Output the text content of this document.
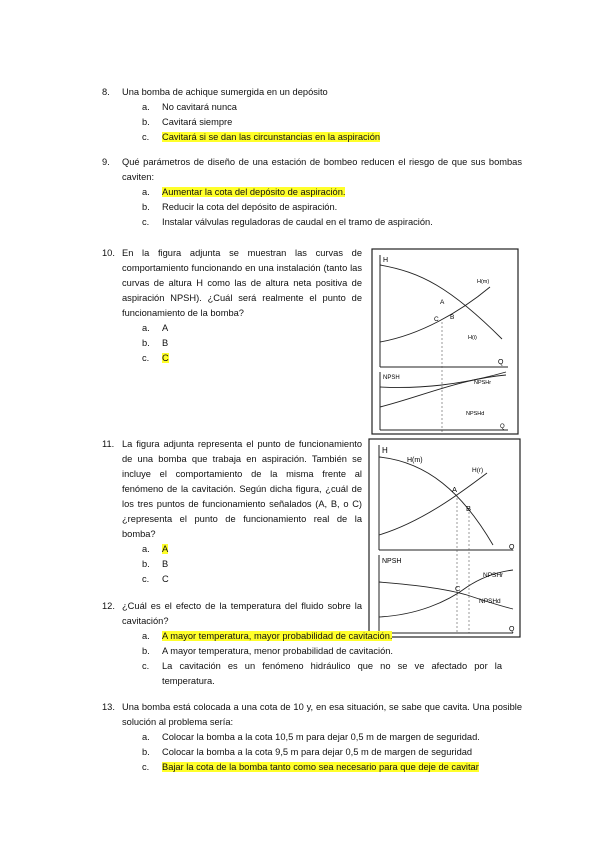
8.	Una bomba de achique sumergida en un depósito
a. No cavitará nunca
b. Cavitará siempre
c. Cavitará si se dan las circunstancias en la aspiración
9.	Qué parámetros de diseño de una estación de bombeo reducen el riesgo de que sus bombas caviten:
a. Aumentar la cota del depósito de aspiración.
b. Reducir la cota del depósito de aspiración.
c. Instalar válvulas reguladoras de caudal en el tramo de aspiración.
10. En la figura adjunta se muestran las curvas de comportamiento funcionando en una instalación (tanto las curvas de altura H como las de altura neta positiva de aspiración NPSH). ¿Cuál será realmente el punto de funcionamiento de la bomba?
a. A
b. B
c. C
H
Q
H(m)
H(i)
A
C B
NPSH
Q
NPSHr
NPSHd
11. La figura adjunta representa el punto de funcionamiento de una bomba que trabaja en aspiración. También se incluye el comportamiento de la misma frente al fenómeno de la cavitación. Según dicha figura, ¿cuál de los tres puntos de funcionamiento señalados (A, B, o C) ¿representa el punto de funcionamiento real de la bomba?
a. A
b. B
c. C
H
Q
H(m)
H(r)
A
B
C
NPSH
Q
NPSHr
NPSHd
12. ¿Cuál es el efecto de la temperatura del fluido sobre la cavitación?
a. A mayor temperatura, mayor probabilidad de cavitación.
b. A mayor temperatura, menor probabilidad de cavitación.
c. La cavitación es un fenómeno hidráulico que no se ve afectado por la temperatura.
13. Una bomba está colocada a una cota de 10 y, en esa situación, se sabe que cavita. Una posible solución al problema sería:
a. Colocar la bomba a la cota 10,5 m para dejar 0,5 m de margen de seguridad.
b. Colocar la bomba a la cota 9,5 m para dejar 0,5 m de margen de seguridad
c. Bajar la cota de la bomba tanto como sea necesario para que deje de cavitar
